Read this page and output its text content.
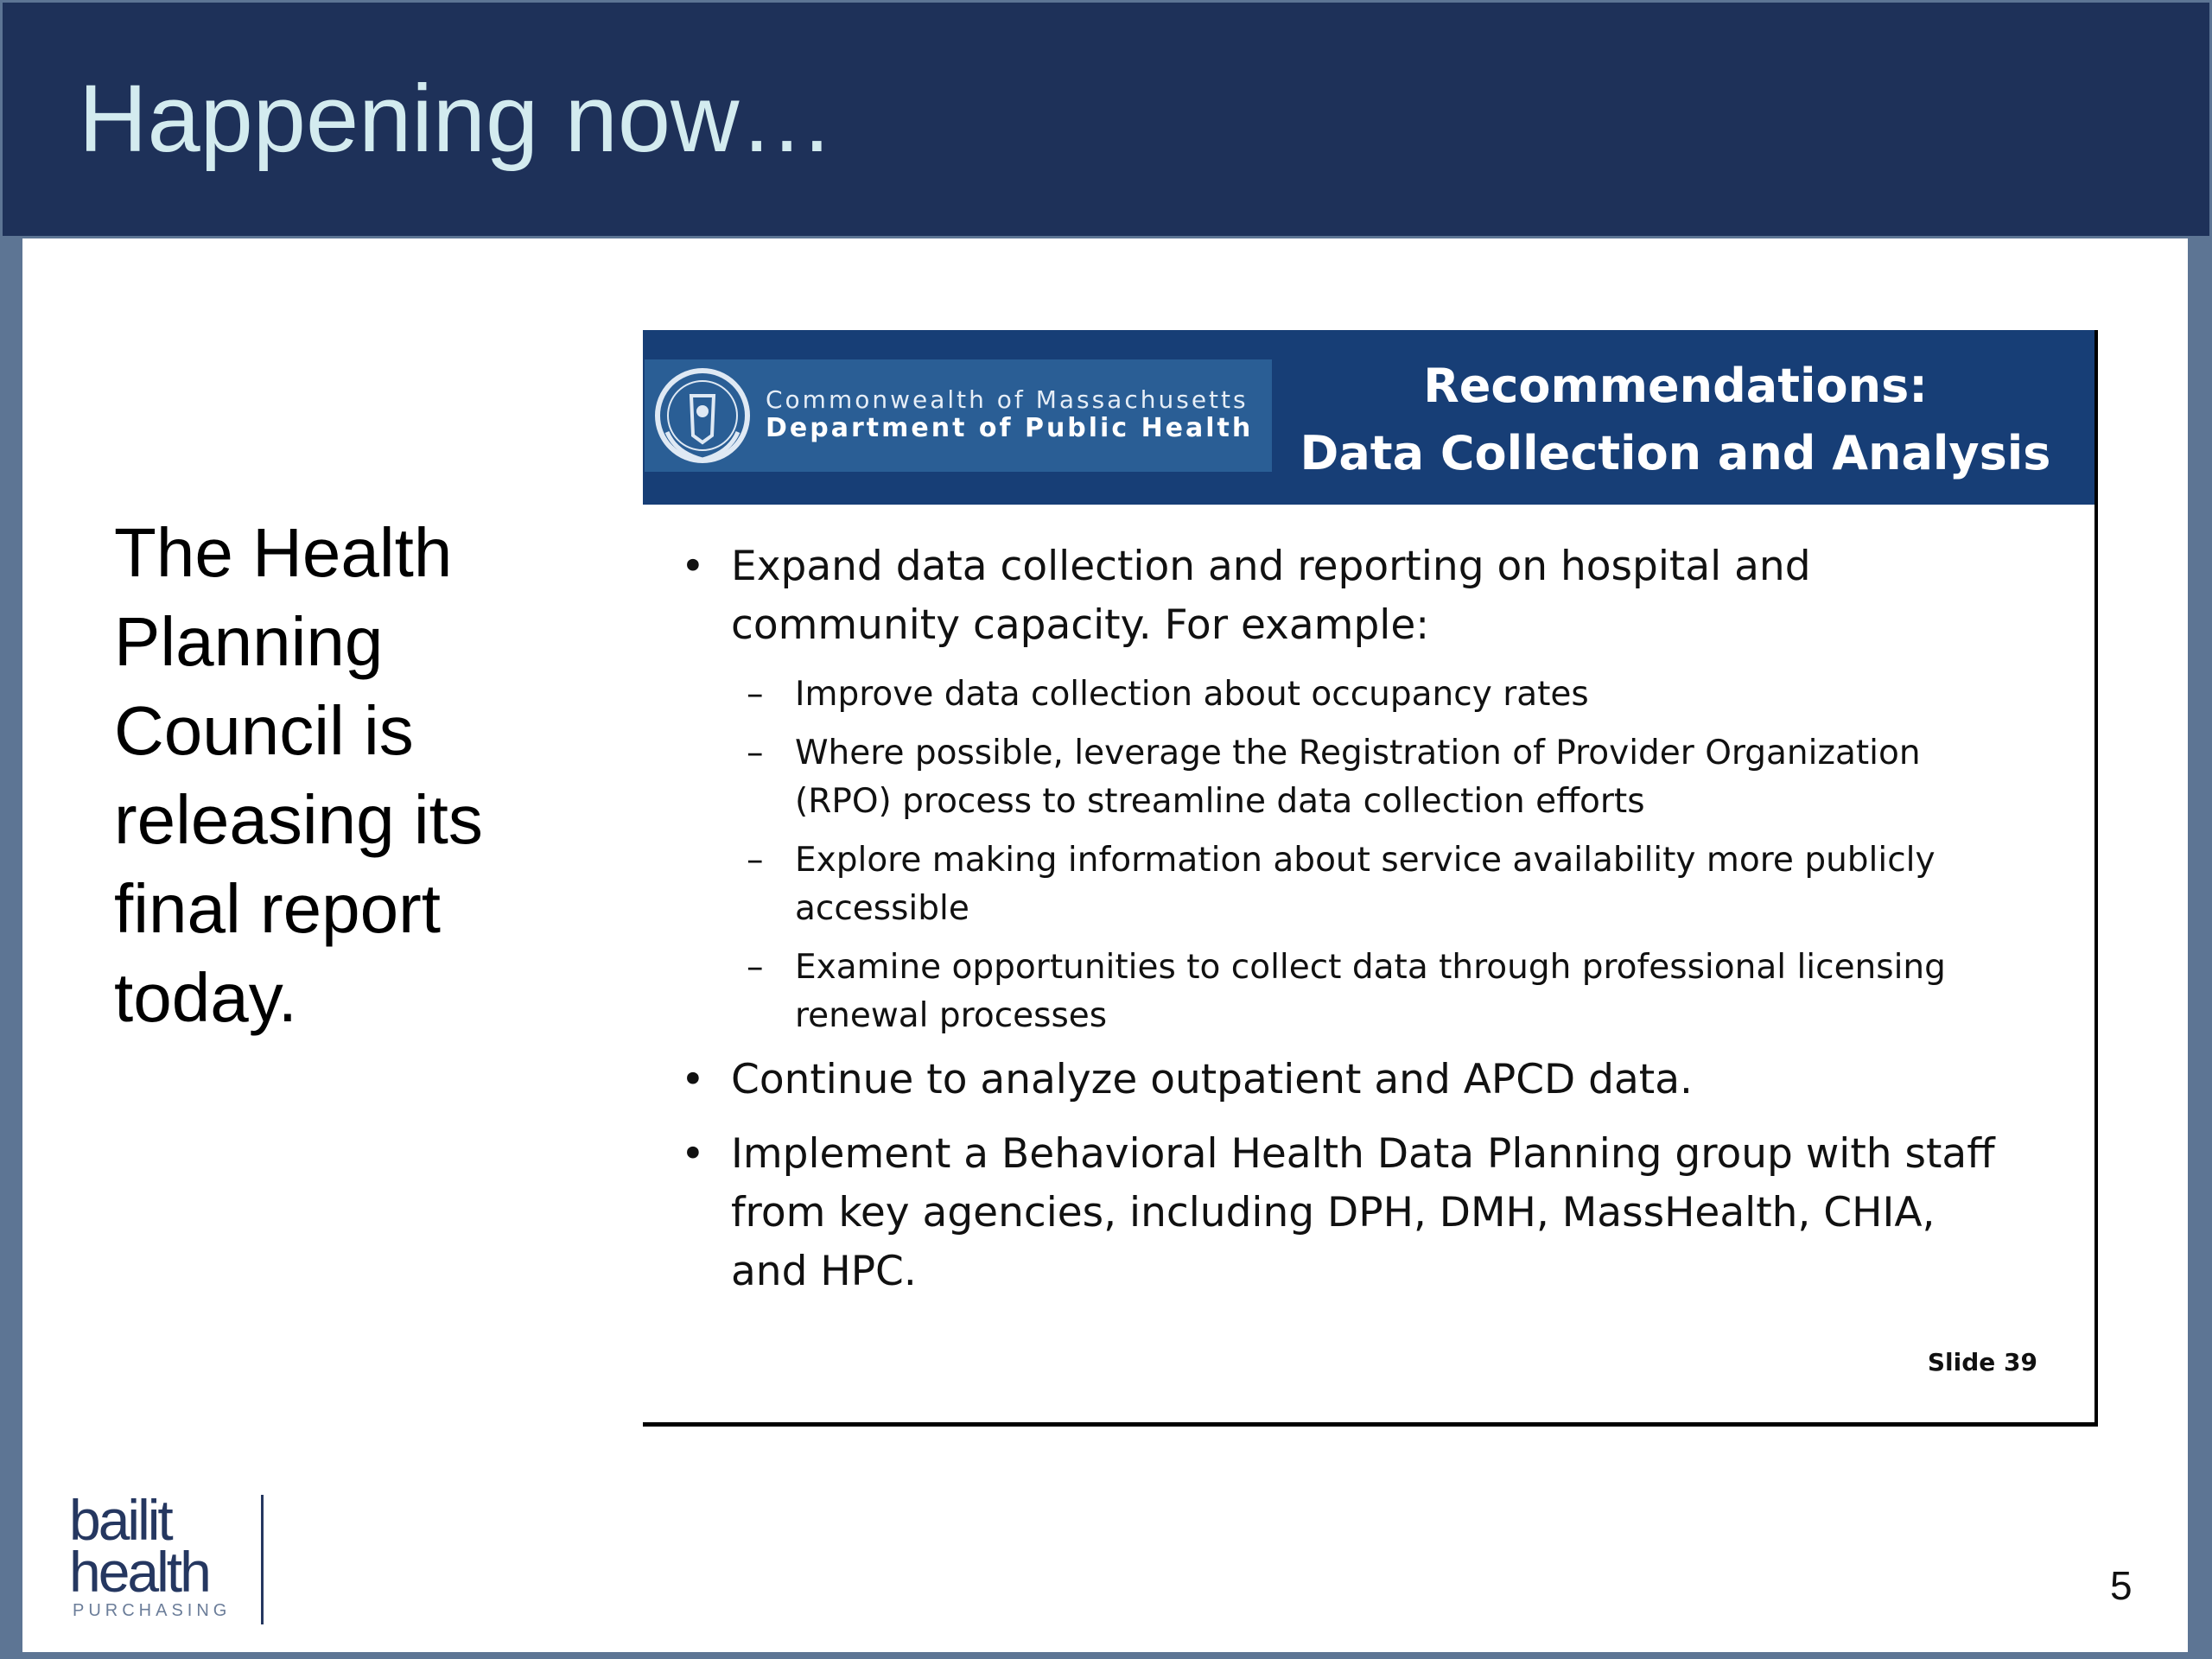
Happening now…

The Health Planning Council is releasing its final report today.

Commonwealth of Massachusetts
Department of Public Health
Recommendations:
Data Collection and Analysis
• Expand data collection and reporting on hospital and community capacity. For example:
– Improve data collection about occupancy rates
– Where possible, leverage the Registration of Provider Organization (RPO) process to streamline data collection efforts
– Explore making information about service availability more publicly accessible
– Examine opportunities to collect data through professional licensing renewal processes
• Continue to analyze outpatient and APCD data.
• Implement a Behavioral Health Data Planning group with staff from key agencies, including DPH, DMH, MassHealth, CHIA, and HPC.
Slide 39
bailit
health
PURCHASING
5
